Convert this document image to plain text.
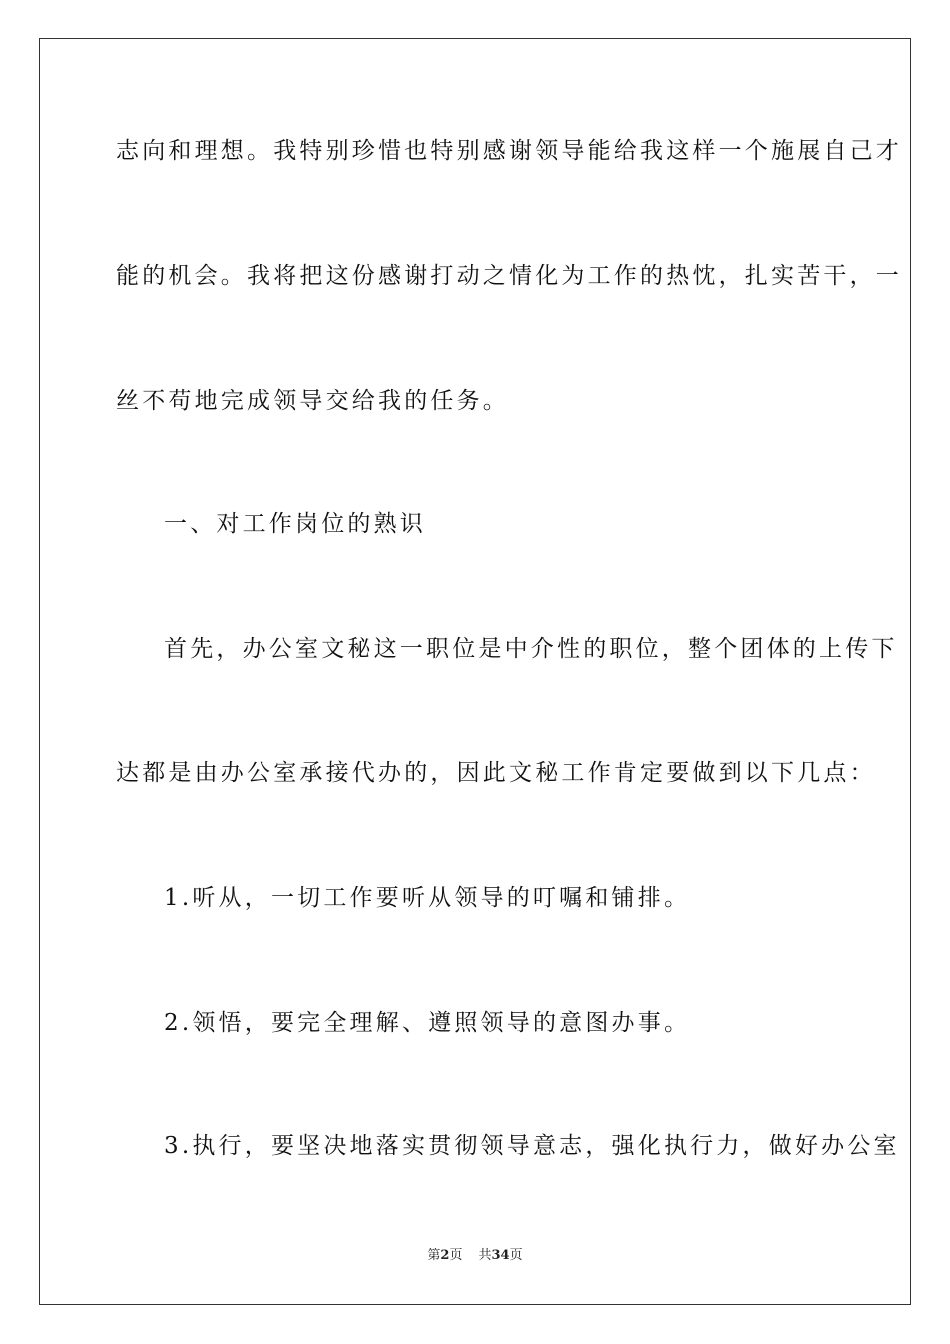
志向和理想。我特别珍惜也特别感谢领导能给我这样一个施展自己才
能的机会。我将把这份感谢打动之情化为工作的热忱，扎实苦干，一
丝不苟地完成领导交给我的任务。
一、对工作岗位的熟识
首先，办公室文秘这一职位是中介性的职位，整个团体的上传下
达都是由办公室承接代办的，因此文秘工作肯定要做到以下几点：
1.听从，一切工作要听从领导的叮嘱和铺排。
2.领悟，要完全理解、遵照领导的意图办事。
3.执行，要坚决地落实贯彻领导意志，强化执行力，做好办公室
第2页 共34页
